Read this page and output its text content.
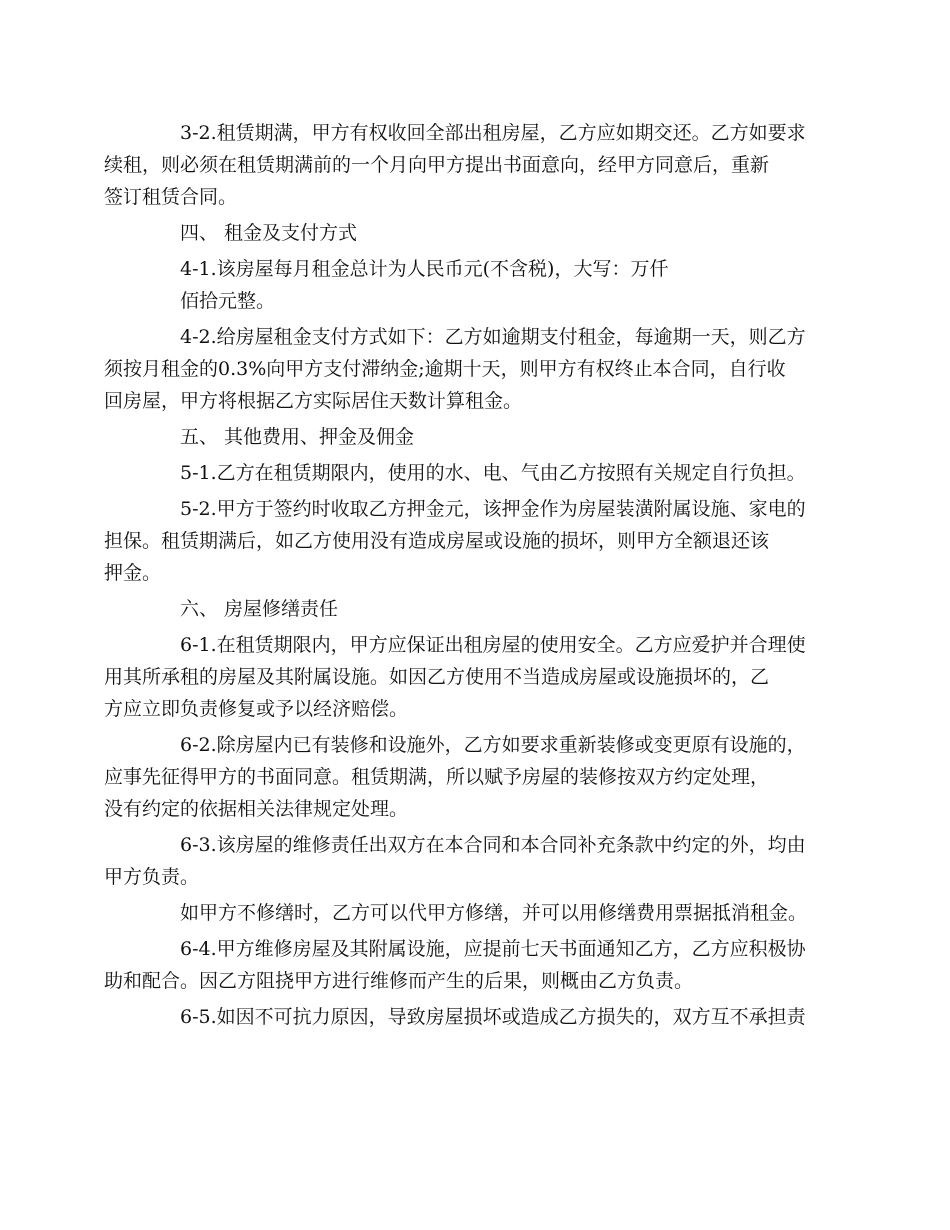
3-2.租赁期满，甲方有权收回全部出租房屋，乙方应如期交还。乙方如要求
续租，则必须在租赁期满前的一个月向甲方提出书面意向，经甲方同意后，重新
签订租赁合同。

四、 租金及支付方式

4-1.该房屋每月租金总计为人民币元(不含税)，大写：万仟
佰拾元整。

4-2.给房屋租金支付方式如下：乙方如逾期支付租金，每逾期一天，则乙方
须按月租金的0.3%向甲方支付滞纳金;逾期十天，则甲方有权终止本合同，自行收
回房屋，甲方将根据乙方实际居住天数计算租金。

五、 其他费用、押金及佣金

5-1.乙方在租赁期限内，使用的水、电、气由乙方按照有关规定自行负担。

5-2.甲方于签约时收取乙方押金元，该押金作为房屋装潢附属设施、家电的
担保。租赁期满后，如乙方使用没有造成房屋或设施的损坏，则甲方全额退还该
押金。

六、 房屋修缮责任

6-1.在租赁期限内，甲方应保证出租房屋的使用安全。乙方应爱护并合理使
用其所承租的房屋及其附属设施。如因乙方使用不当造成房屋或设施损坏的，乙
方应立即负责修复或予以经济赔偿。

6-2.除房屋内已有装修和设施外，乙方如要求重新装修或变更原有设施的，
应事先征得甲方的书面同意。租赁期满，所以赋予房屋的装修按双方约定处理，
没有约定的依据相关法律规定处理。

6-3.该房屋的维修责任出双方在本合同和本合同补充条款中约定的外，均由
甲方负责。

如甲方不修缮时，乙方可以代甲方修缮，并可以用修缮费用票据抵消租金。

6-4.甲方维修房屋及其附属设施，应提前七天书面通知乙方，乙方应积极协
助和配合。因乙方阻挠甲方进行维修而产生的后果，则概由乙方负责。

6-5.如因不可抗力原因，导致房屋损坏或造成乙方损失的，双方互不承担责
